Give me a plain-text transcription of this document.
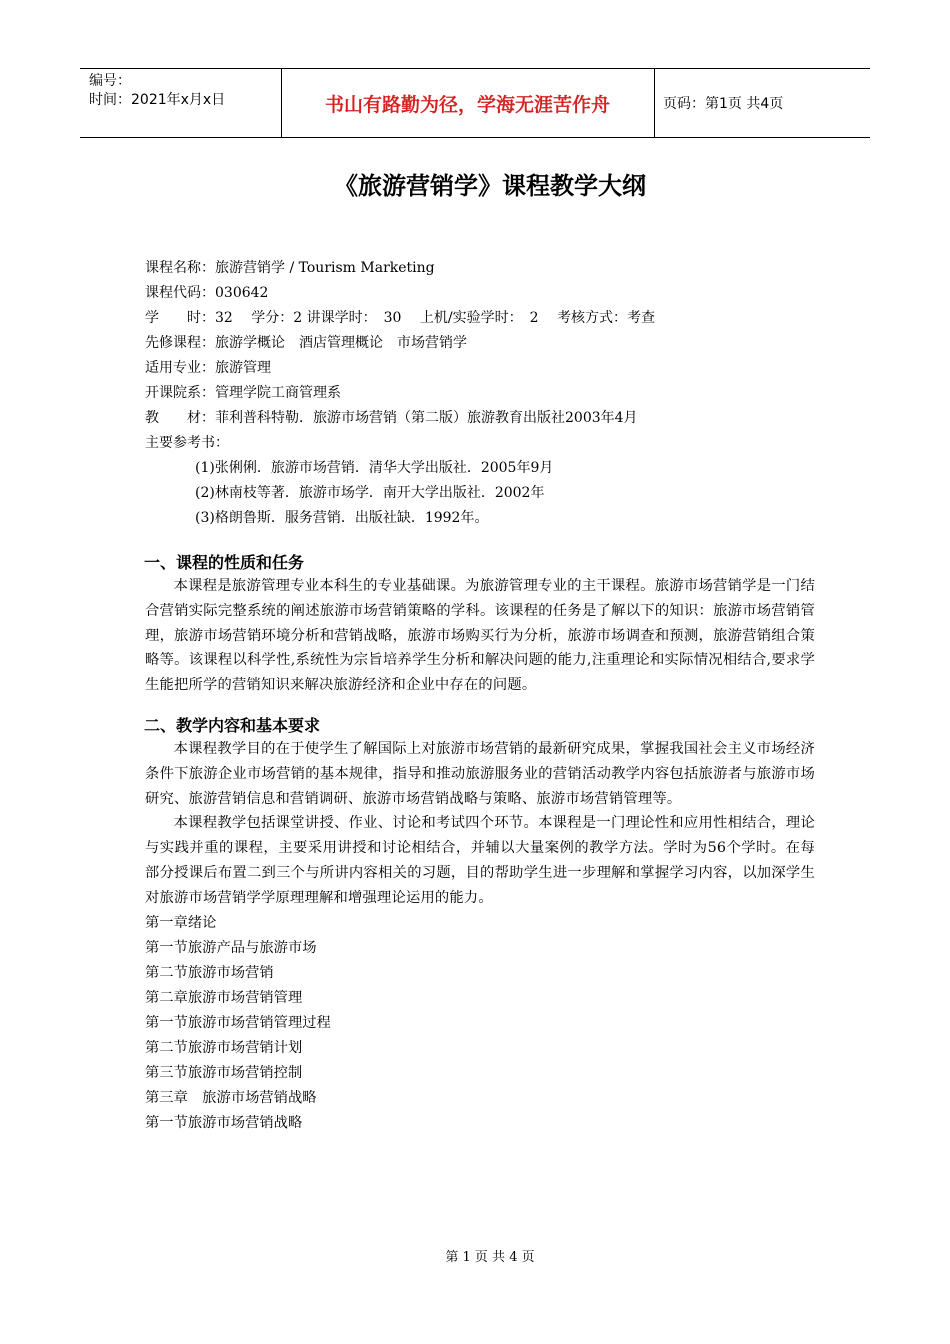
编号：
时间：2021年x月x日	书山有路勤为径，学海无涯苦作舟	页码：第1页 共4页
《旅游营销学》课程教学大纲
课程名称：旅游营销学 / Tourism Marketing
课程代码：030642
学　　时：32　 学分：2 讲课学时：　30　 上机/实验学时：　2　 考核方式：考查
先修课程：旅游学概论　酒店管理概论　市场营销学
适用专业：旅游管理
开课院系：管理学院工商管理系
教　　材：菲利普科特勒．旅游市场营销（第二版）旅游教育出版社2003年4月
主要参考书：
(1)张俐俐．旅游市场营销．清华大学出版社．2005年9月
(2)林南枝等著．旅游市场学．南开大学出版社．2002年
(3)格朗鲁斯．服务营销．出版社缺．1992年。
一、课程的性质和任务
本课程是旅游管理专业本科生的专业基础课。为旅游管理专业的主干课程。旅游市场营销学是一门结合营销实际完整系统的阐述旅游市场营销策略的学科。该课程的任务是了解以下的知识：旅游市场营销管理，旅游市场营销环境分析和营销战略，旅游市场购买行为分析，旅游市场调查和预测，旅游营销组合策略等。该课程以科学性,系统性为宗旨培养学生分析和解决问题的能力,注重理论和实际情况相结合,要求学生能把所学的营销知识来解决旅游经济和企业中存在的问题。
二、教学内容和基本要求
本课程教学目的在于使学生了解国际上对旅游市场营销的最新研究成果，掌握我国社会主义市场经济条件下旅游企业市场营销的基本规律，指导和推动旅游服务业的营销活动教学内容包括旅游者与旅游市场研究、旅游营销信息和营销调研、旅游市场营销战略与策略、旅游市场营销管理等。
本课程教学包括课堂讲授、作业、讨论和考试四个环节。本课程是一门理论性和应用性相结合，理论与实践并重的课程，主要采用讲授和讨论相结合，并辅以大量案例的教学方法。学时为56个学时。在每部分授课后布置二到三个与所讲内容相关的习题，目的帮助学生进一步理解和掌握学习内容，以加深学生对旅游市场营销学学原理理解和增强理论运用的能力。
第一章绪论
第一节旅游产品与旅游市场
第二节旅游市场营销
第二章旅游市场营销管理
第一节旅游市场营销管理过程
第二节旅游市场营销计划
第三节旅游市场营销控制
第三章　旅游市场营销战略
第一节旅游市场营销战略
第 1 页 共 4 页
